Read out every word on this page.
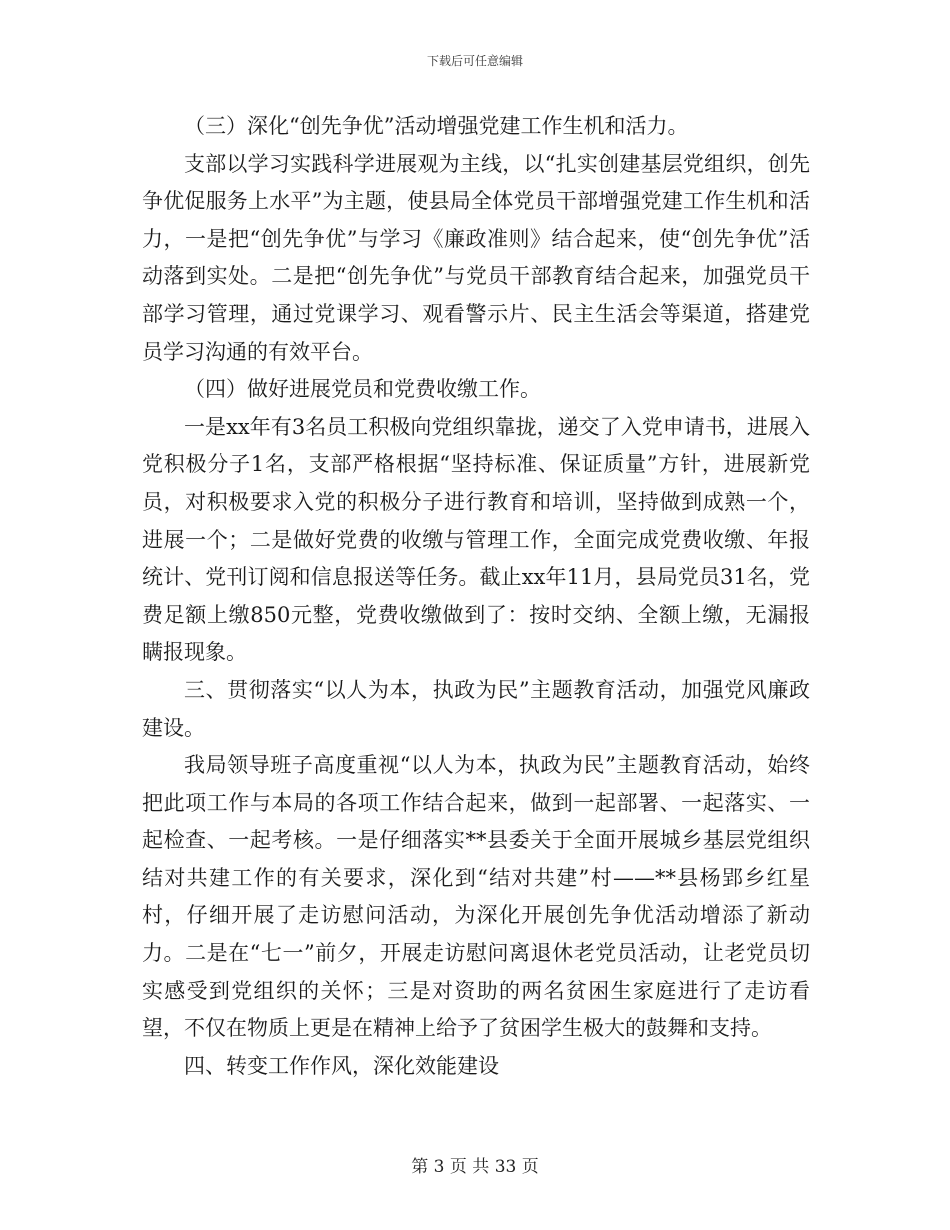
下载后可任意编辑

（三）深化“创先争优”活动增强党建工作生机和活力。

支部以学习实践科学进展观为主线，以“扎实创建基层党组织，创先争优促服务上水平”为主题，使县局全体党员干部增强党建工作生机和活力，一是把“创先争优”与学习《廉政准则》结合起来，使“创先争优”活动落到实处。二是把“创先争优”与党员干部教育结合起来，加强党员干部学习管理，通过党课学习、观看警示片、民主生活会等渠道，搭建党员学习沟通的有效平台。

（四）做好进展党员和党费收缴工作。

一是xx年有3名员工积极向党组织靠拢，递交了入党申请书，进展入党积极分子1名，支部严格根据“坚持标准、保证质量”方针，进展新党员，对积极要求入党的积极分子进行教育和培训，坚持做到成熟一个，进展一个；二是做好党费的收缴与管理工作，全面完成党费收缴、年报统计、党刊订阅和信息报送等任务。截止xx年11月，县局党员31名，党费足额上缴850元整，党费收缴做到了：按时交纳、全额上缴，无漏报瞒报现象。

三、贯彻落实“以人为本，执政为民”主题教育活动，加强党风廉政建设。

我局领导班子高度重视“以人为本，执政为民”主题教育活动，始终把此项工作与本局的各项工作结合起来，做到一起部署、一起落实、一起检查、一起考核。一是仔细落实**县委关于全面开展城乡基层党组织结对共建工作的有关要求，深化到“结对共建”村——**县杨郢乡红星村，仔细开展了走访慰问活动，为深化开展创先争优活动增添了新动力。二是在“七一”前夕，开展走访慰问离退休老党员活动，让老党员切实感受到党组织的关怀；三是对资助的两名贫困生家庭进行了走访看望，不仅在物质上更是在精神上给予了贫困学生极大的鼓舞和支持。

四、转变工作作风，深化效能建设

第 3 页 共 33 页
